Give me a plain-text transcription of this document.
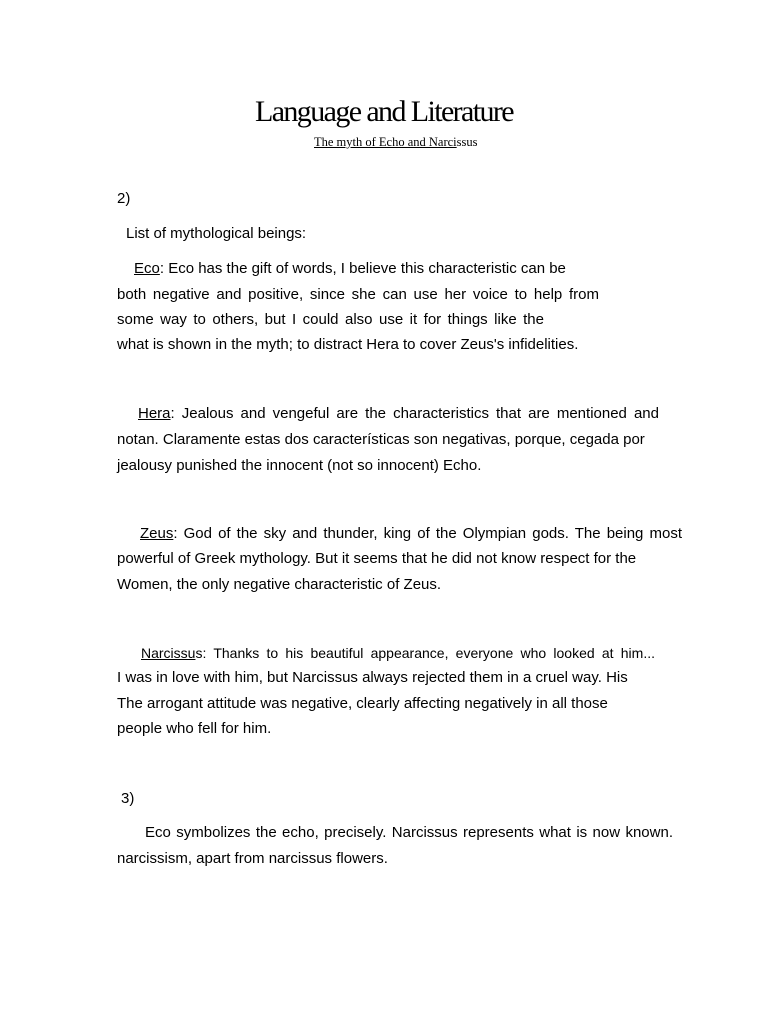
Language and Literature

The myth of Echo and Narcissus

2)

List of mythological beings:

Eco: Eco has the gift of words, I believe this characteristic can be

both negative and positive, since she can use her voice to help from

some way to others, but I could also use it for things like the

what is shown in the myth; to distract Hera to cover Zeus's infidelities.

Hera: Jealous and vengeful are the characteristics that are mentioned and

notan. Claramente estas dos características son negativas, porque, cegada por

jealousy punished the innocent (not so innocent) Echo.

Zeus: God of the sky and thunder, king of the Olympian gods. The being most

powerful of Greek mythology. But it seems that he did not know respect for the

Women, the only negative characteristic of Zeus.

Narcissus: Thanks to his beautiful appearance, everyone who looked at him...

I was in love with him, but Narcissus always rejected them in a cruel way. His

The arrogant attitude was negative, clearly affecting negatively in all those

people who fell for him.

3)

Eco symbolizes the echo, precisely. Narcissus represents what is now known.

narcissism, apart from narcissus flowers.
